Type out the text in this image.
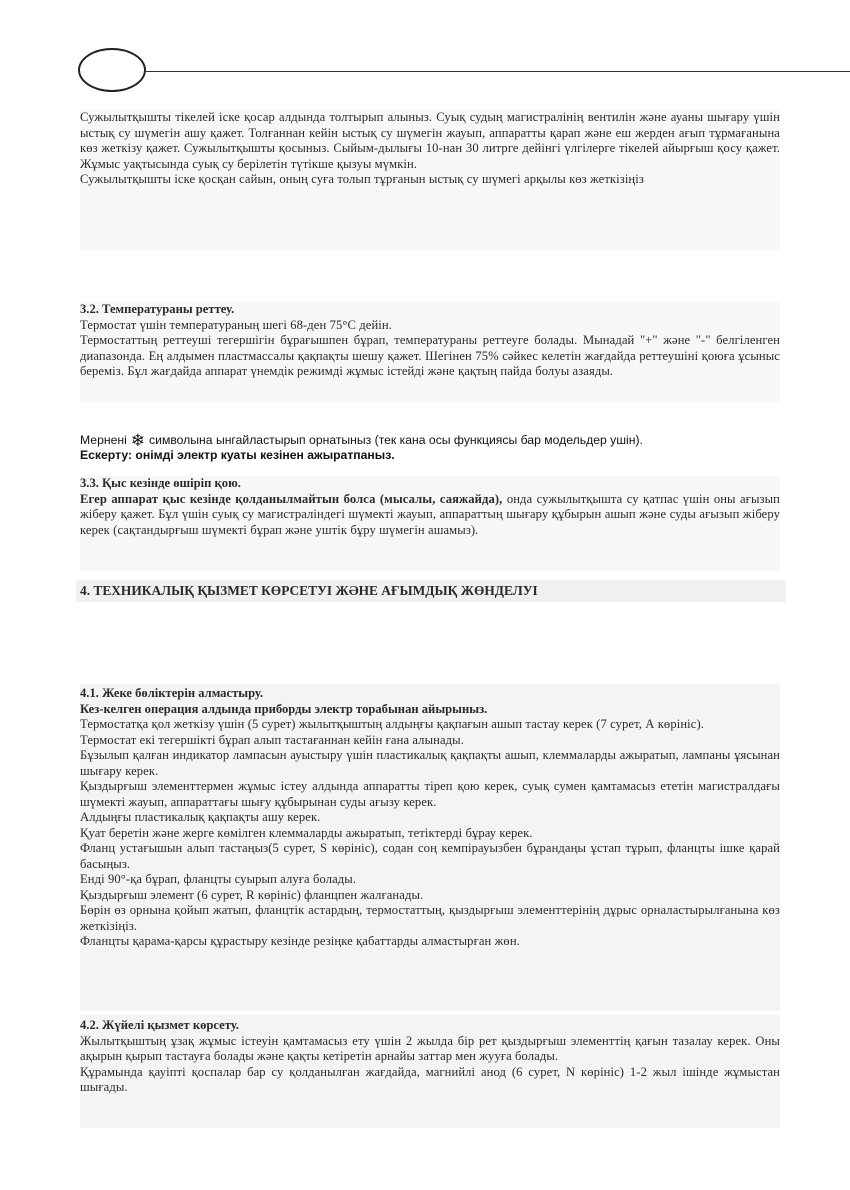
Сужылытқышты тікелей іске қосар алдында толтырып алыныз. Суық судың магистралінің вентилін және ауаны шығару үшін ыстық су шүмегін ашу қажет. Толғаннан кейін ыстық су шүмегін жауып, аппаратты қарап және еш жерден ағып тұрмағанына көз жеткізу қажет. Сужылытқышты қосыныз. Сыйым-дылығы 10-нан 30 литрге дейінгі үлгілерге тікелей айырғыш қосу қажет. Жұмыс уақтысында суық су берілетін түтікше қызуы мүмкін.

Сужылытқышты іске қосқан сайын, оның суға толып тұрғанын ыстық су шүмегі арқылы көз жеткізіңіз

3.2. Температураны реттеу.

Термостат үшін температураның шегі 68-ден 75°С дейін.

Термостаттың реттеуші тегершігін бұрағышпен бұрап, температураны реттеуге болады. Мынадай "+" және "-" белгіленген диапазонда. Ең алдымен пластмассалы қақпақты шешу қажет. Шегінен 75% сәйкес келетін жағдайда реттеушіні қоюға ұсыныс береміз. Бұл жағдайда аппарат үнемдік режимді жұмыс істейді және қақтың пайда болуы азаяды.

Мернені ❄ символына ынгайластырып орнатыныз (тек кана осы функциясы бар модельдер ушін).
Ескерту: онімді электр куаты кезінен ажыратпаныз.

3.3. Қыс кезінде өшіріп қою.

Егер аппарат қыс кезінде қолданылмайтын болса (мысалы, саяжайда), онда сужылытқышта су қатпас үшін оны ағызып жіберу қажет. Бұл үшін суық су магистраліндегі шүмекті жауып, аппараттың шығару құбырын ашып және суды ағызып жіберу керек (сақтандырғыш шүмекті бұрап және уштік бұру шүмегін ашамыз).

4. ТЕХНИКАЛЫҚ ҚЫЗМЕТ КӨРСЕТУІ ЖӘНЕ АҒЫМДЫҚ ЖӨНДЕЛУІ

4.1. Жеке бөліктерін алмастыру.

Кез-келген операция алдында приборды электр торабынан айырыныз.

Термостатқа қол жеткізу үшін (5 сурет) жылытқыштың алдыңғы қақпағын ашып тастау керек (7 сурет, А көрініс).

Термостат екі тегершікті бұрап алып тастағаннан кейін ғана алынады.

Бұзылып қалған индикатор лампасын ауыстыру үшін пластикалық қақпақты ашып, клеммаларды ажыратып, лампаны ұясынан шығару керек.

Қыздырғыш элементтермен жұмыс істеу алдында аппаратты тіреп қою керек, суық сумен қамтамасыз ететін магистралдағы шүмекті жауып, аппараттағы шығу құбырынан суды ағызу керек.

Алдыңғы пластикалық қақпақты ашу керек.

Қуат беретін және жерге көмілген клеммаларды ажыратып, тетіктерді бұрау керек.

Фланц устағышын алып тастаңыз(5 сурет, S көрініс), содан соң кемпірауызбен бұрандаңы ұстап тұрып, фланцты ішке қарай басыңыз.

Енді 90°-қа бұрап, фланцты суырып алуға болады.

Қыздырғыш элемент (6 сурет, R көрініс) фланцпен жалғанады.

Бөрін өз орнына қойып жатып, фланцтік астардың, термостаттың, қыздырғыш элементтерінің дұрыс орналастырылғанына көз жеткізіңіз.

Фланцты қарама-қарсы құрастыру кезінде резіңке қабаттарды алмастырған жөн.

4.2. Жүйелі қызмет көрсету.

Жылытқыштың ұзақ жұмыс істеуін қамтамасыз ету үшін 2 жылда бір рет қыздырғыш элементтің қағын тазалау керек. Оны ақырын қырып тастауға болады және қақты кетіретін арнайы заттар мен жууға болады.

Құрамында қауіпті қоспалар бар су қолданылған жағдайда, магнийлі анод (6 сурет, N көрініс) 1-2 жыл ішінде жұмыстан шығады.
